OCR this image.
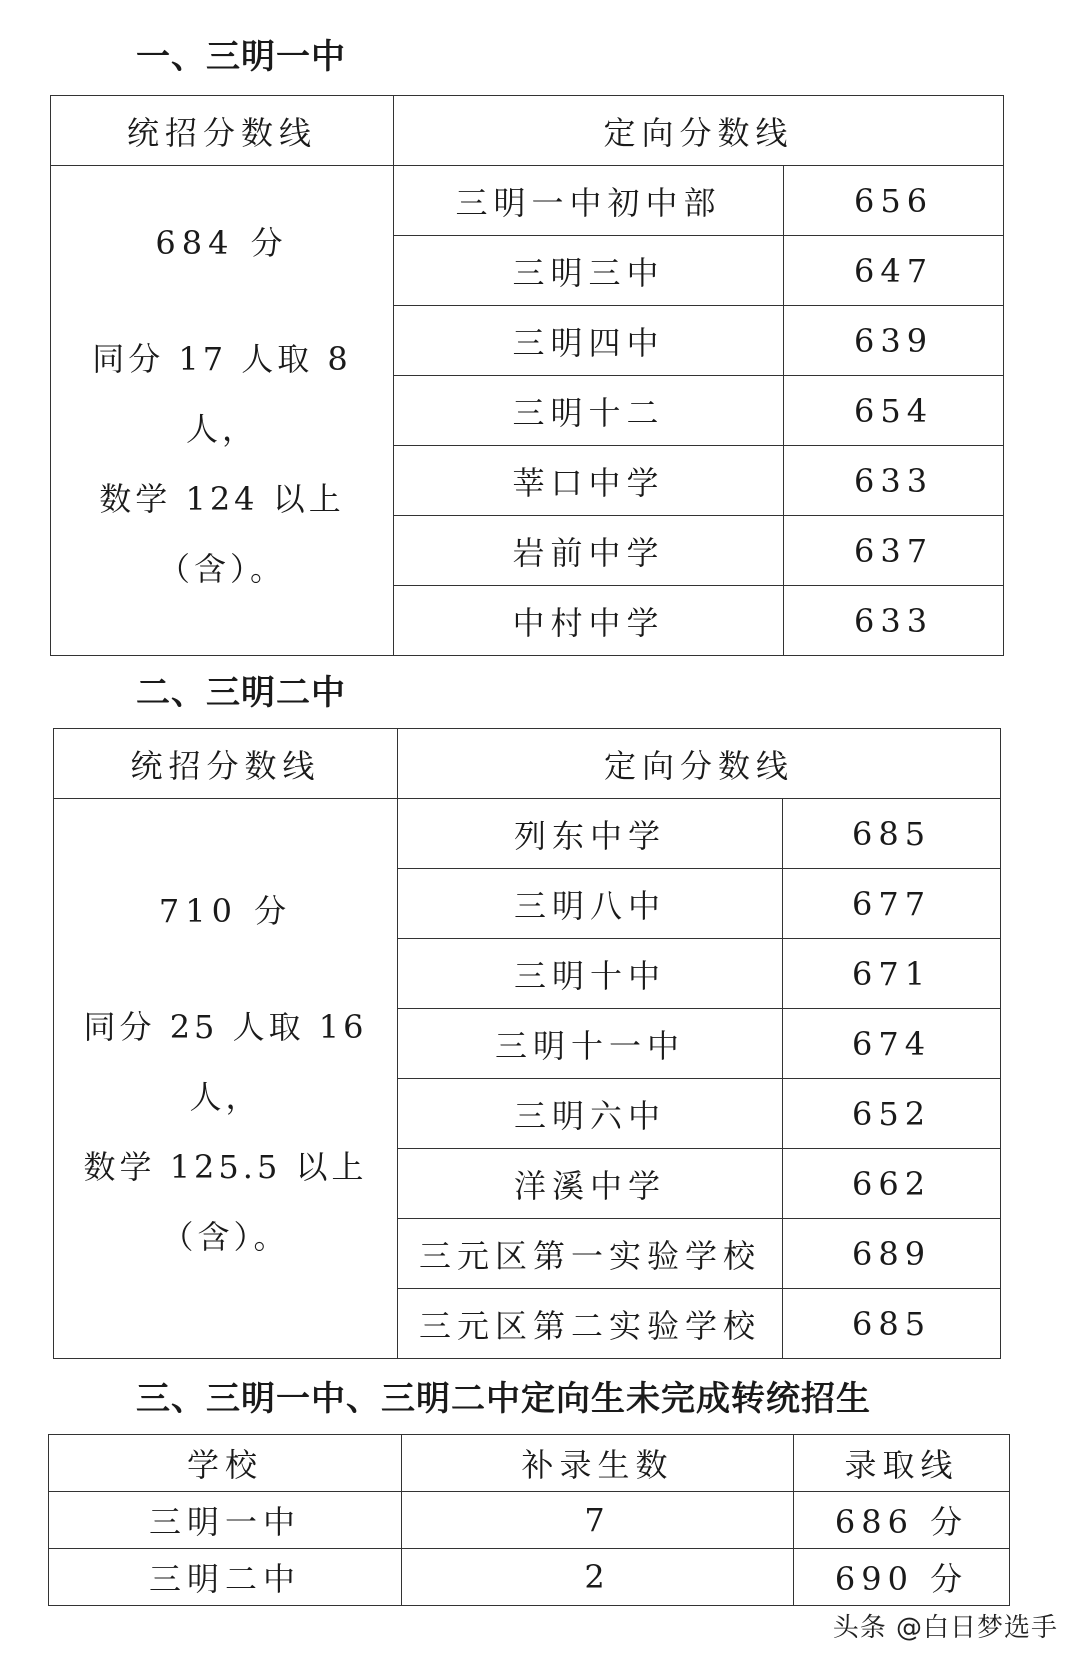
一、三明一中
统招分数线	定向分数线	

684 分
同分 17 人取 8 人，
数学 124 以上（含）。	三明一中初中部	656
	三明三中	647
	三明四中	639
	三明十二	654
	莘口中学	633
	岩前中学	637
	中村中学	633
二、三明二中
统招分数线	定向分数线	

710 分
同分 25 人取 16 人，
数学 125.5 以上
（含）。	列东中学	685
	三明八中	677
	三明十中	671
	三明十一中	674
	三明六中	652
	洋溪中学	662
	三元区第一实验学校	689
	三元区第二实验学校	685
三、三明一中、三明二中定向生未完成转统招生
学校	补录生数	录取线
三明一中	7	686 分
三明二中	2	690 分
头条 @白日梦选手
